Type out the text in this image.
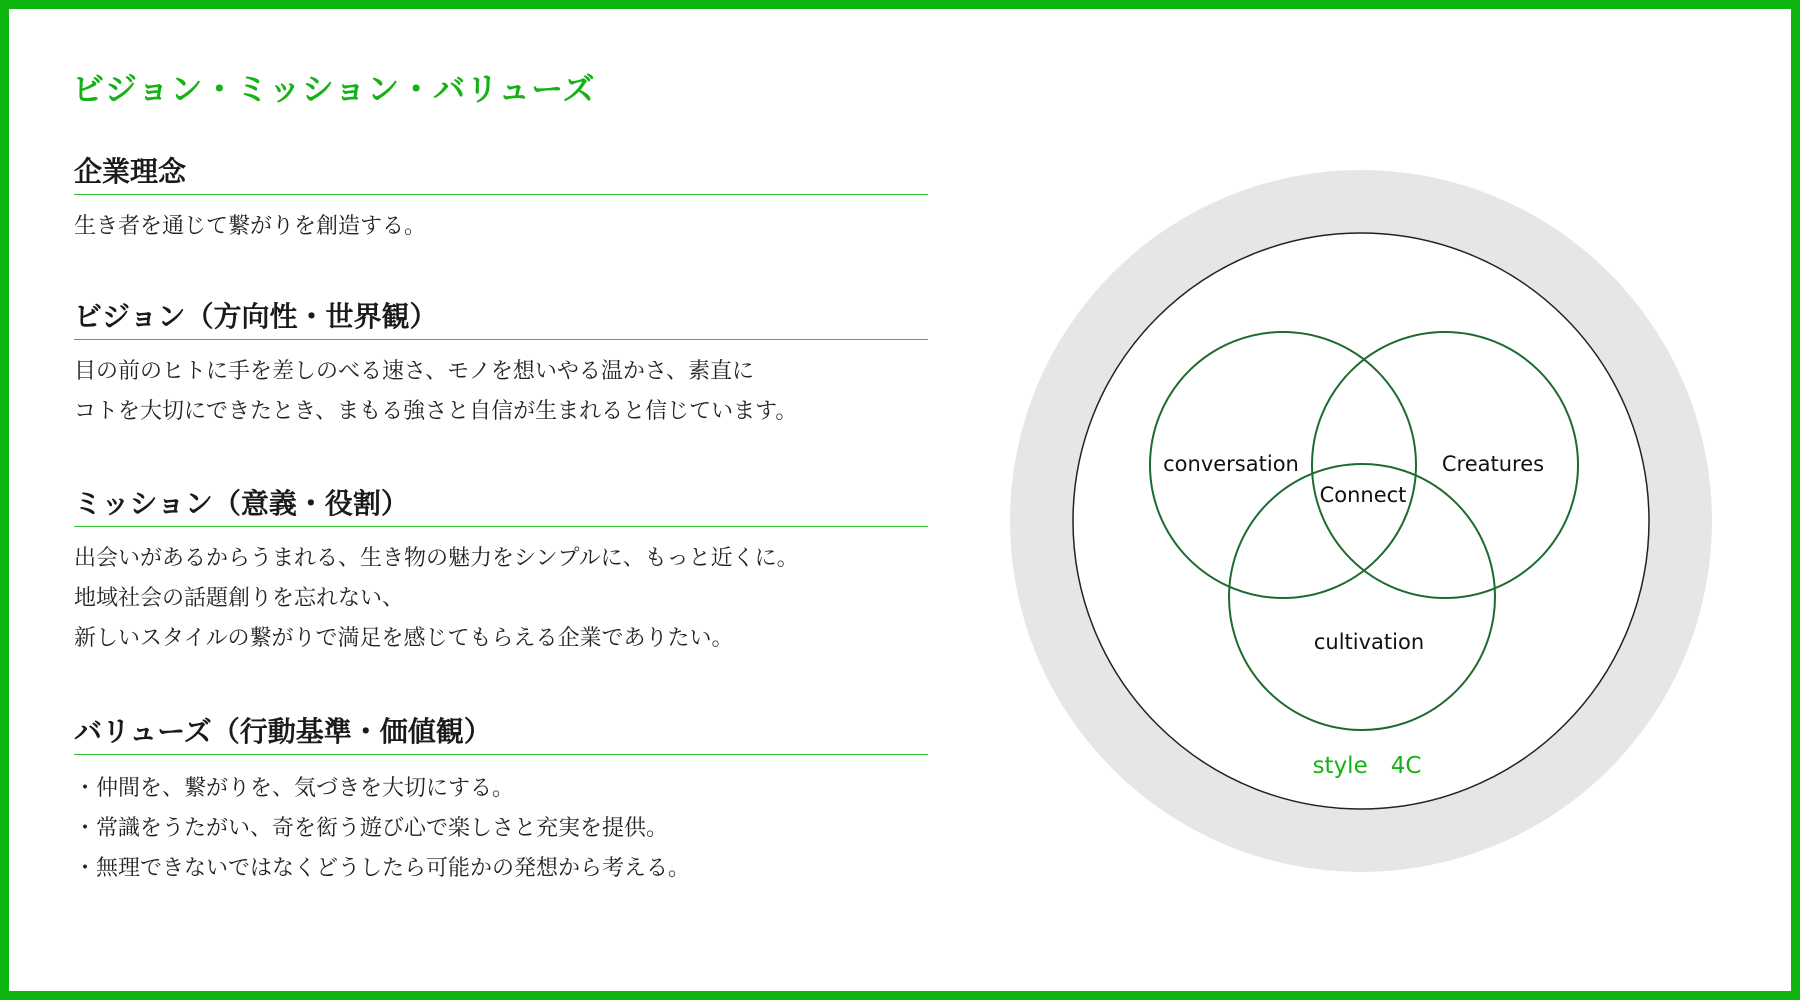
ビジョン・ミッション・バリューズ
企業理念
生き者を通じて繋がりを創造する。
ビジョン（方向性・世界観）
目の前のヒトに手を差しのべる速さ、モノを想いやる温かさ、素直に
コトを大切にできたとき、まもる強さと自信が生まれると信じています。
ミッション（意義・役割）
出会いがあるからうまれる、生き物の魅力をシンプルに、もっと近くに。
地域社会の話題創りを忘れない、
新しいスタイルの繋がりで満足を感じてもらえる企業でありたい。
バリューズ（行動基準・価値観）
・仲間を、繋がりを、気づきを大切にする。
・常識をうたがい、奇を衒う遊び心で楽しさと充実を提供。
・無理できないではなくどうしたら可能かの発想から考える。
conversation	Creatures
Connect
cultivation
style　4C
